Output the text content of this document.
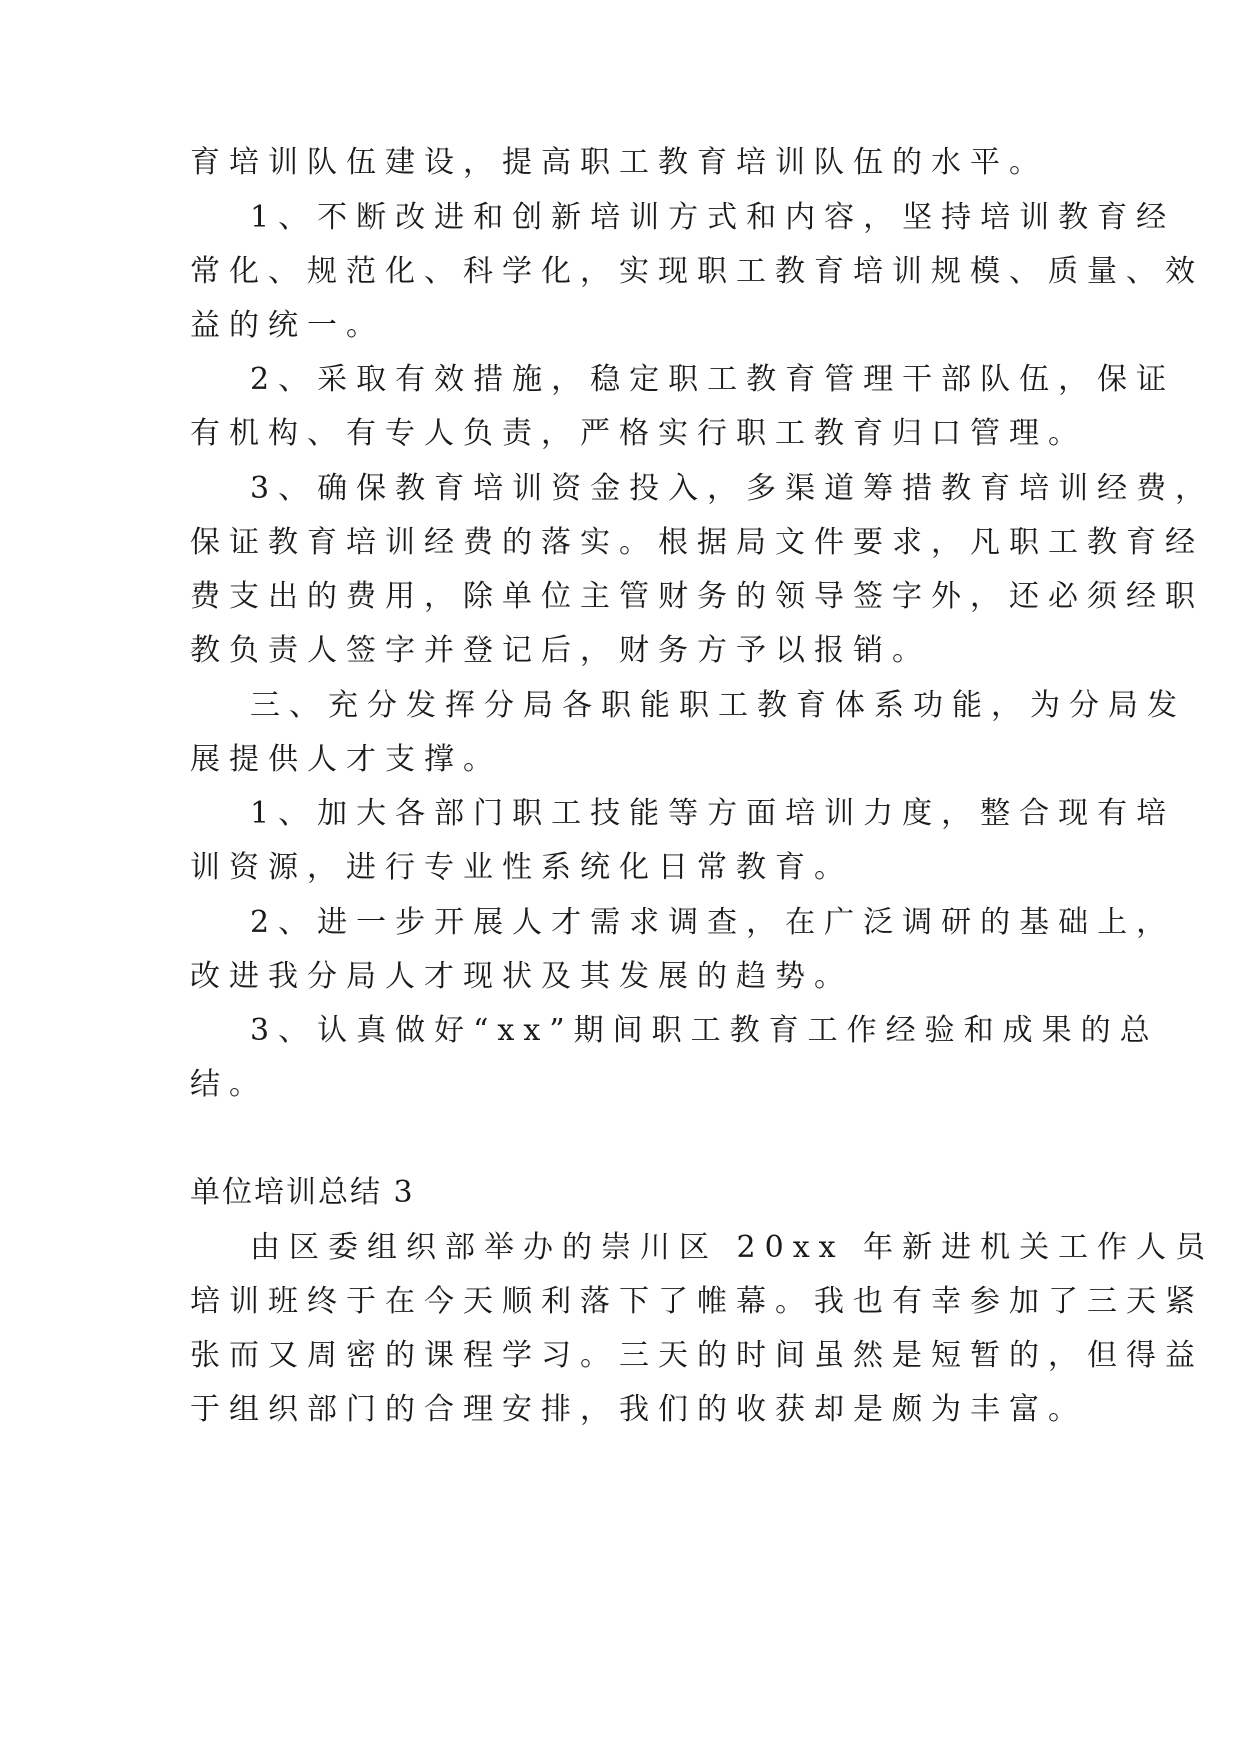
育培训队伍建设，提高职工教育培训队伍的水平。
1、不断改进和创新培训方式和内容，坚持培训教育经
常化、规范化、科学化，实现职工教育培训规模、质量、效
益的统一。
2、采取有效措施，稳定职工教育管理干部队伍，保证
有机构、有专人负责，严格实行职工教育归口管理。
3、确保教育培训资金投入，多渠道筹措教育培训经费，
保证教育培训经费的落实。根据局文件要求，凡职工教育经
费支出的费用，除单位主管财务的领导签字外，还必须经职
教负责人签字并登记后，财务方予以报销。
三、充分发挥分局各职能职工教育体系功能，为分局发
展提供人才支撑。
1、加大各部门职工技能等方面培训力度，整合现有培
训资源，进行专业性系统化日常教育。
2、进一步开展人才需求调查，在广泛调研的基础上，
改进我分局人才现状及其发展的趋势。
3、认真做好“xx”期间职工教育工作经验和成果的总
结。
单位培训总结 3
由区委组织部举办的崇川区 20xx 年新进机关工作人员
培训班终于在今天顺利落下了帷幕。我也有幸参加了三天紧
张而又周密的课程学习。三天的时间虽然是短暂的，但得益
于组织部门的合理安排，我们的收获却是颇为丰富。
